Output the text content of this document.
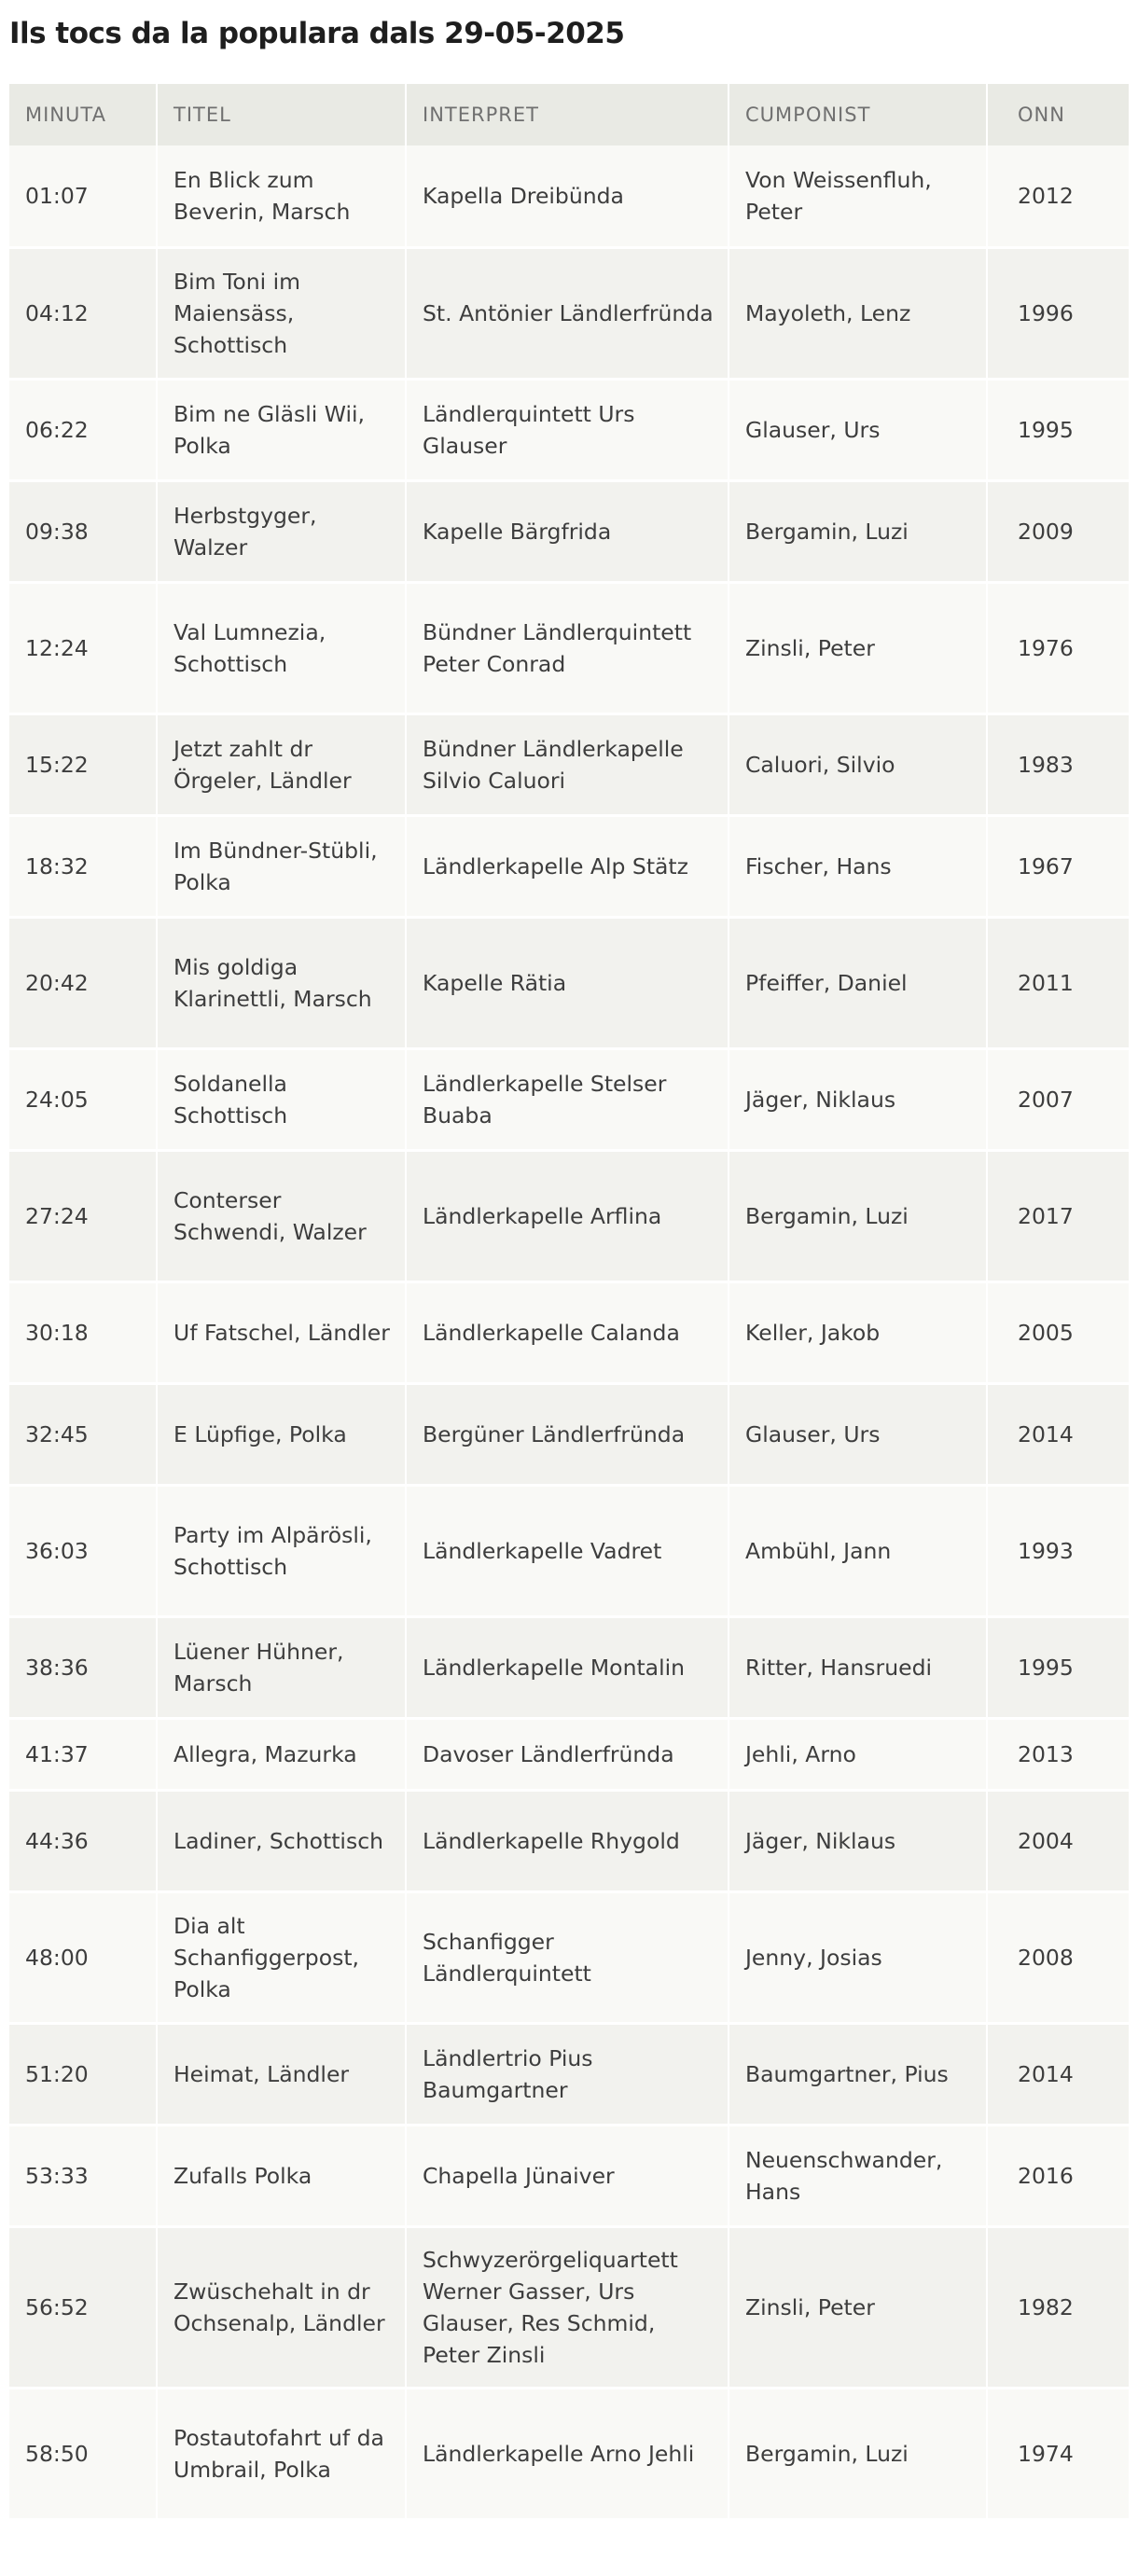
Ils tocs da la populara dals 29-05-2025
MINUTA	TITEL	INTERPRET	CUMPONIST	ONN
01:07	En Blick zum Beverin, Marsch	Kapella Dreibünda	Von Weissenfluh, Peter	2012
04:12	Bim Toni im Maiensäss, Schottisch	St. Antönier Ländlerfründa	Mayoleth, Lenz	1996
06:22	Bim ne Gläsli Wii, Polka	Ländlerquintett Urs Glauser	Glauser, Urs	1995
09:38	Herbstgyger, Walzer	Kapelle Bärgfrida	Bergamin, Luzi	2009
12:24	Val Lumnezia, Schottisch	Bündner Ländlerquintett Peter Conrad	Zinsli, Peter	1976
15:22	Jetzt zahlt dr Örgeler, Ländler	Bündner Ländlerkapelle Silvio Caluori	Caluori, Silvio	1983
18:32	Im Bündner-Stübli, Polka	Ländlerkapelle Alp Stätz	Fischer, Hans	1967
20:42	Mis goldiga Klarinettli, Marsch	Kapelle Rätia	Pfeiffer, Daniel	2011
24:05	Soldanella Schottisch	Ländlerkapelle Stelser Buaba	Jäger, Niklaus	2007
27:24	Conterser Schwendi, Walzer	Ländlerkapelle Arflina	Bergamin, Luzi	2017
30:18	Uf Fatschel, Ländler	Ländlerkapelle Calanda	Keller, Jakob	2005
32:45	E Lüpfige, Polka	Bergüner Ländlerfründa	Glauser, Urs	2014
36:03	Party im Alpärösli, Schottisch	Ländlerkapelle Vadret	Ambühl, Jann	1993
38:36	Lüener Hühner, Marsch	Ländlerkapelle Montalin	Ritter, Hansruedi	1995
41:37	Allegra, Mazurka	Davoser Ländlerfründa	Jehli, Arno	2013
44:36	Ladiner, Schottisch	Ländlerkapelle Rhygold	Jäger, Niklaus	2004
48:00	Dia alt Schanfiggerpost, Polka	Schanfigger Ländlerquintett	Jenny, Josias	2008
51:20	Heimat, Ländler	Ländlertrio Pius Baumgartner	Baumgartner, Pius	2014
53:33	Zufalls Polka	Chapella Jünaiver	Neuenschwander, Hans	2016
56:52	Zwüschehalt in dr Ochsenalp, Ländler	Schwyzerörgeliquartett Werner Gasser, Urs Glauser, Res Schmid, Peter Zinsli	Zinsli, Peter	1982
58:50	Postautofahrt uf da Umbrail, Polka	Ländlerkapelle Arno Jehli	Bergamin, Luzi	1974
